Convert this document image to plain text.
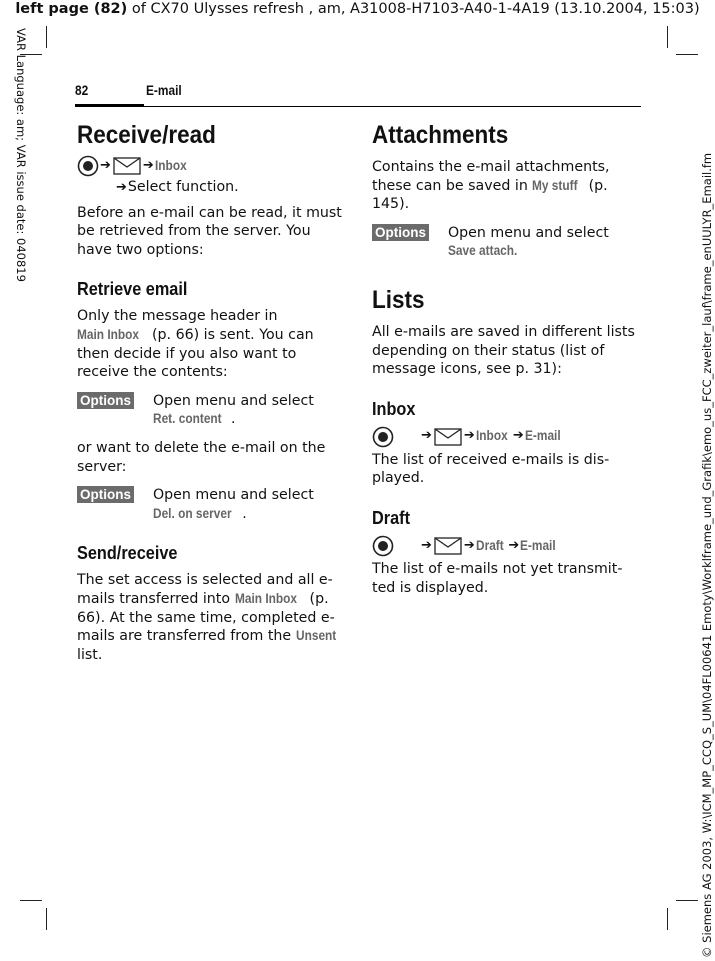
left page (82) of CX70 Ulysses refresh , am, A31008-H7103-A40-1-4A19 (13.10.2004, 15:03)
VAR Language: am; VAR issue date: 040819	© Siemens AG 2003, W:\ICM_MP_CCQ_S_UM\04FL00641 Emoty\Worklframe_und_Grafik\emo_us_FCC_zweiter_lauf\frame_enUULYR_Email.fm
82	E-mail
Receive/read
➔ ➔ Inbox
➔Select function.

Before an e-mail can be read, it must be retrieved from the server. You have two options:

Retrieve email

Only the message header in Main Inbox (p. 66) is sent. You can then decide if you also want to receive the contents:

Options	Open menu and select
Ret. content .

or want to delete the e-mail on the server:

Options	Open menu and select
Del. on server .
Send/receive

The set access is selected and all e-mails transferred into Main Inbox (p. 66). At the same time, completed e-mails are transferred from the Unsent list.

Attachments

Contains the e-mail attachments, these can be saved in My stuff (p. 145).

Options	Open menu and select
Save attach.
Lists

All e-mails are saved in different lists depending on their status (list of message icons, see p. 31):

Inbox
➔ ➔ Inbox ➔ E-mail

The list of received e-mails is dis-played.

Draft
➔ ➔ Draft ➔ E-mail

The list of e-mails not yet transmit-ted is displayed.
